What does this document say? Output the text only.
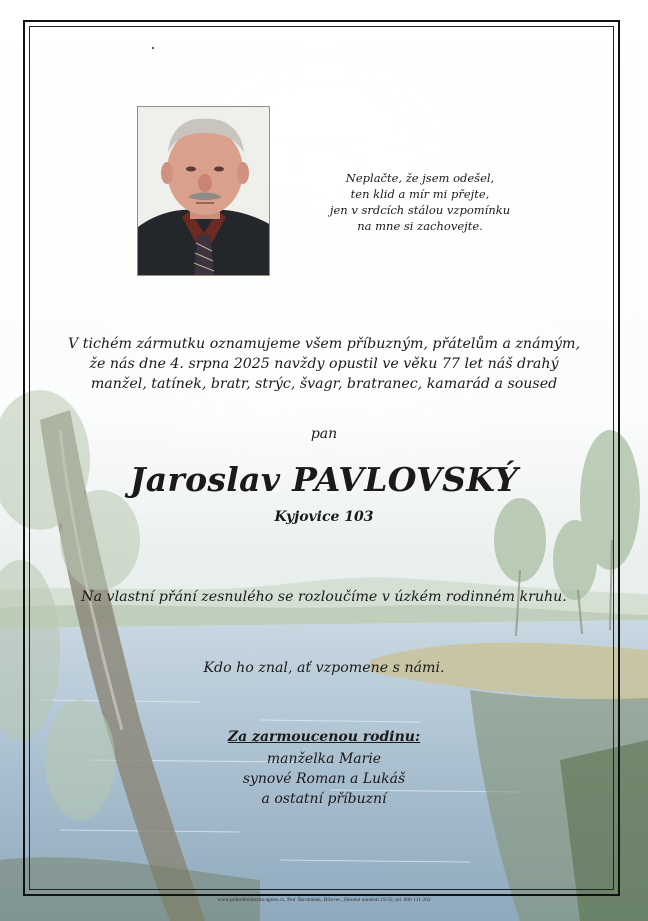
Neplačte, že jsem odešel,
ten klid a mír mi přejte,
jen v srdcích stálou vzpomínku
na mne si zachovejte.
V tichém zármutku oznamujeme všem příbuzným, přátelům a známým,
že nás dne 4. srpna 2025 navždy opustil ve věku 77 let náš drahý
manžel, tatínek, bratr, strýc, švagr, bratranec, kamarád a soused
pan
Jaroslav PAVLOVSKÝ
Kyjovice 103
Na vlastní přání zesnulého se rozloučíme v úzkém rodinném kruhu.
Kdo ho znal, ať vzpomene s námi.
Za zarmoucenou rodinu:
manželka Marie
synové Roman a Lukáš
a ostatní příbuzní
www.pohrebnisluzba-agnes.cz, Petr Škrobánek, Bílovec, Slezské náměstí 19/32, tel. 800 111 202
